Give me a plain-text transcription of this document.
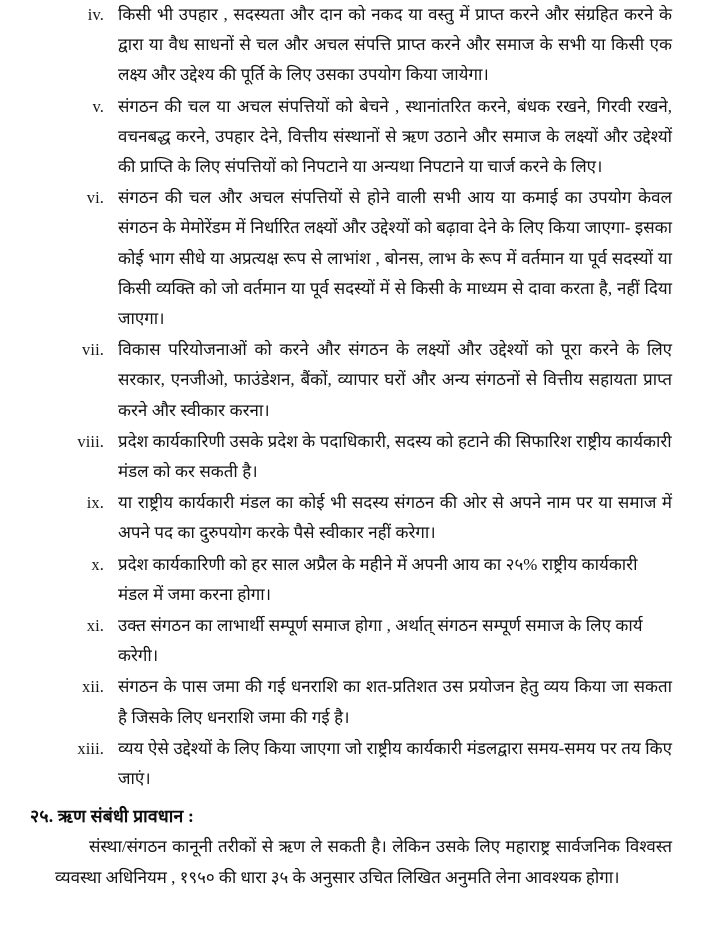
iv. किसी भी उपहार , सदस्यता और दान को नकद या वस्तु में प्राप्त करने और संग्रहित करने के द्वारा या वैध साधनों से चल और अचल संपत्ति प्राप्त करने और समाज के सभी या किसी एक लक्ष्य और उद्देश्य की पूर्ति के लिए उसका उपयोग किया जायेगा।
v. संगठन की चल या अचल संपत्तियों को बेचने , स्थानांतरित करने, बंधक रखने, गिरवी रखने, वचनबद्ध करने, उपहार देने, वित्तीय संस्थानों से ऋण उठाने और समाज के लक्ष्यों और उद्देश्यों की प्राप्ति के लिए संपत्तियों को निपटाने या अन्यथा निपटाने या चार्ज करने के लिए।
vi. संगठन की चल और अचल संपत्तियों से होने वाली सभी आय या कमाई का उपयोग केवल संगठन के मेमोरेंडम में निर्धारित लक्ष्यों और उद्देश्यों को बढ़ावा देने के लिए किया जाएगा- इसका कोई भाग सीधे या अप्रत्यक्ष रूप से लाभांश , बोनस, लाभ के रूप में वर्तमान या पूर्व सदस्यों या किसी व्यक्ति को जो वर्तमान या पूर्व सदस्यों में से किसी के माध्यम से दावा करता है, नहीं दिया जाएगा।
vii. विकास परियोजनाओं को करने और संगठन के लक्ष्यों और उद्देश्यों को पूरा करने के लिए सरकार, एनजीओ, फाउंडेशन, बैंकों, व्यापार घरों और अन्य संगठनों से वित्तीय सहायता प्राप्त करने और स्वीकार करना।
viii. प्रदेश कार्यकारिणी उसके प्रदेश के पदाधिकारी, सदस्य को हटाने की सिफारिश राष्ट्रीय कार्यकारी मंडल को कर सकती है।
ix. या राष्ट्रीय कार्यकारी मंडल का कोई भी सदस्य संगठन की ओर से अपने नाम पर या समाज में अपने पद का दुरुपयोग करके पैसे स्वीकार नहीं करेगा।
x. प्रदेश कार्यकारिणी को हर साल अप्रैल के महीने में अपनी आय का २५% राष्ट्रीय कार्यकारी मंडल में जमा करना होगा।
xi. उक्त संगठन का लाभार्थी सम्पूर्ण समाज होगा , अर्थात् संगठन सम्पूर्ण समाज के लिए कार्य करेगी।
xii. संगठन के पास जमा की गई धनराशि का शत-प्रतिशत उस प्रयोजन हेतु व्यय किया जा सकता है जिसके लिए धनराशि जमा की गई है।
xiii. व्यय ऐसे उद्देश्यों के लिए किया जाएगा जो राष्ट्रीय कार्यकारी मंडलद्वारा समय-समय पर तय किए जाएं।
२५. ऋण संबंधी प्रावधान :
संस्था/संगठन कानूनी तरीकों से ऋण ले सकती है। लेकिन उसके लिए महाराष्ट्र सार्वजनिक विश्वस्त व्यवस्था अधिनियम , १९५० की धारा ३५ के अनुसार उचित लिखित अनुमति लेना आवश्यक होगा।
